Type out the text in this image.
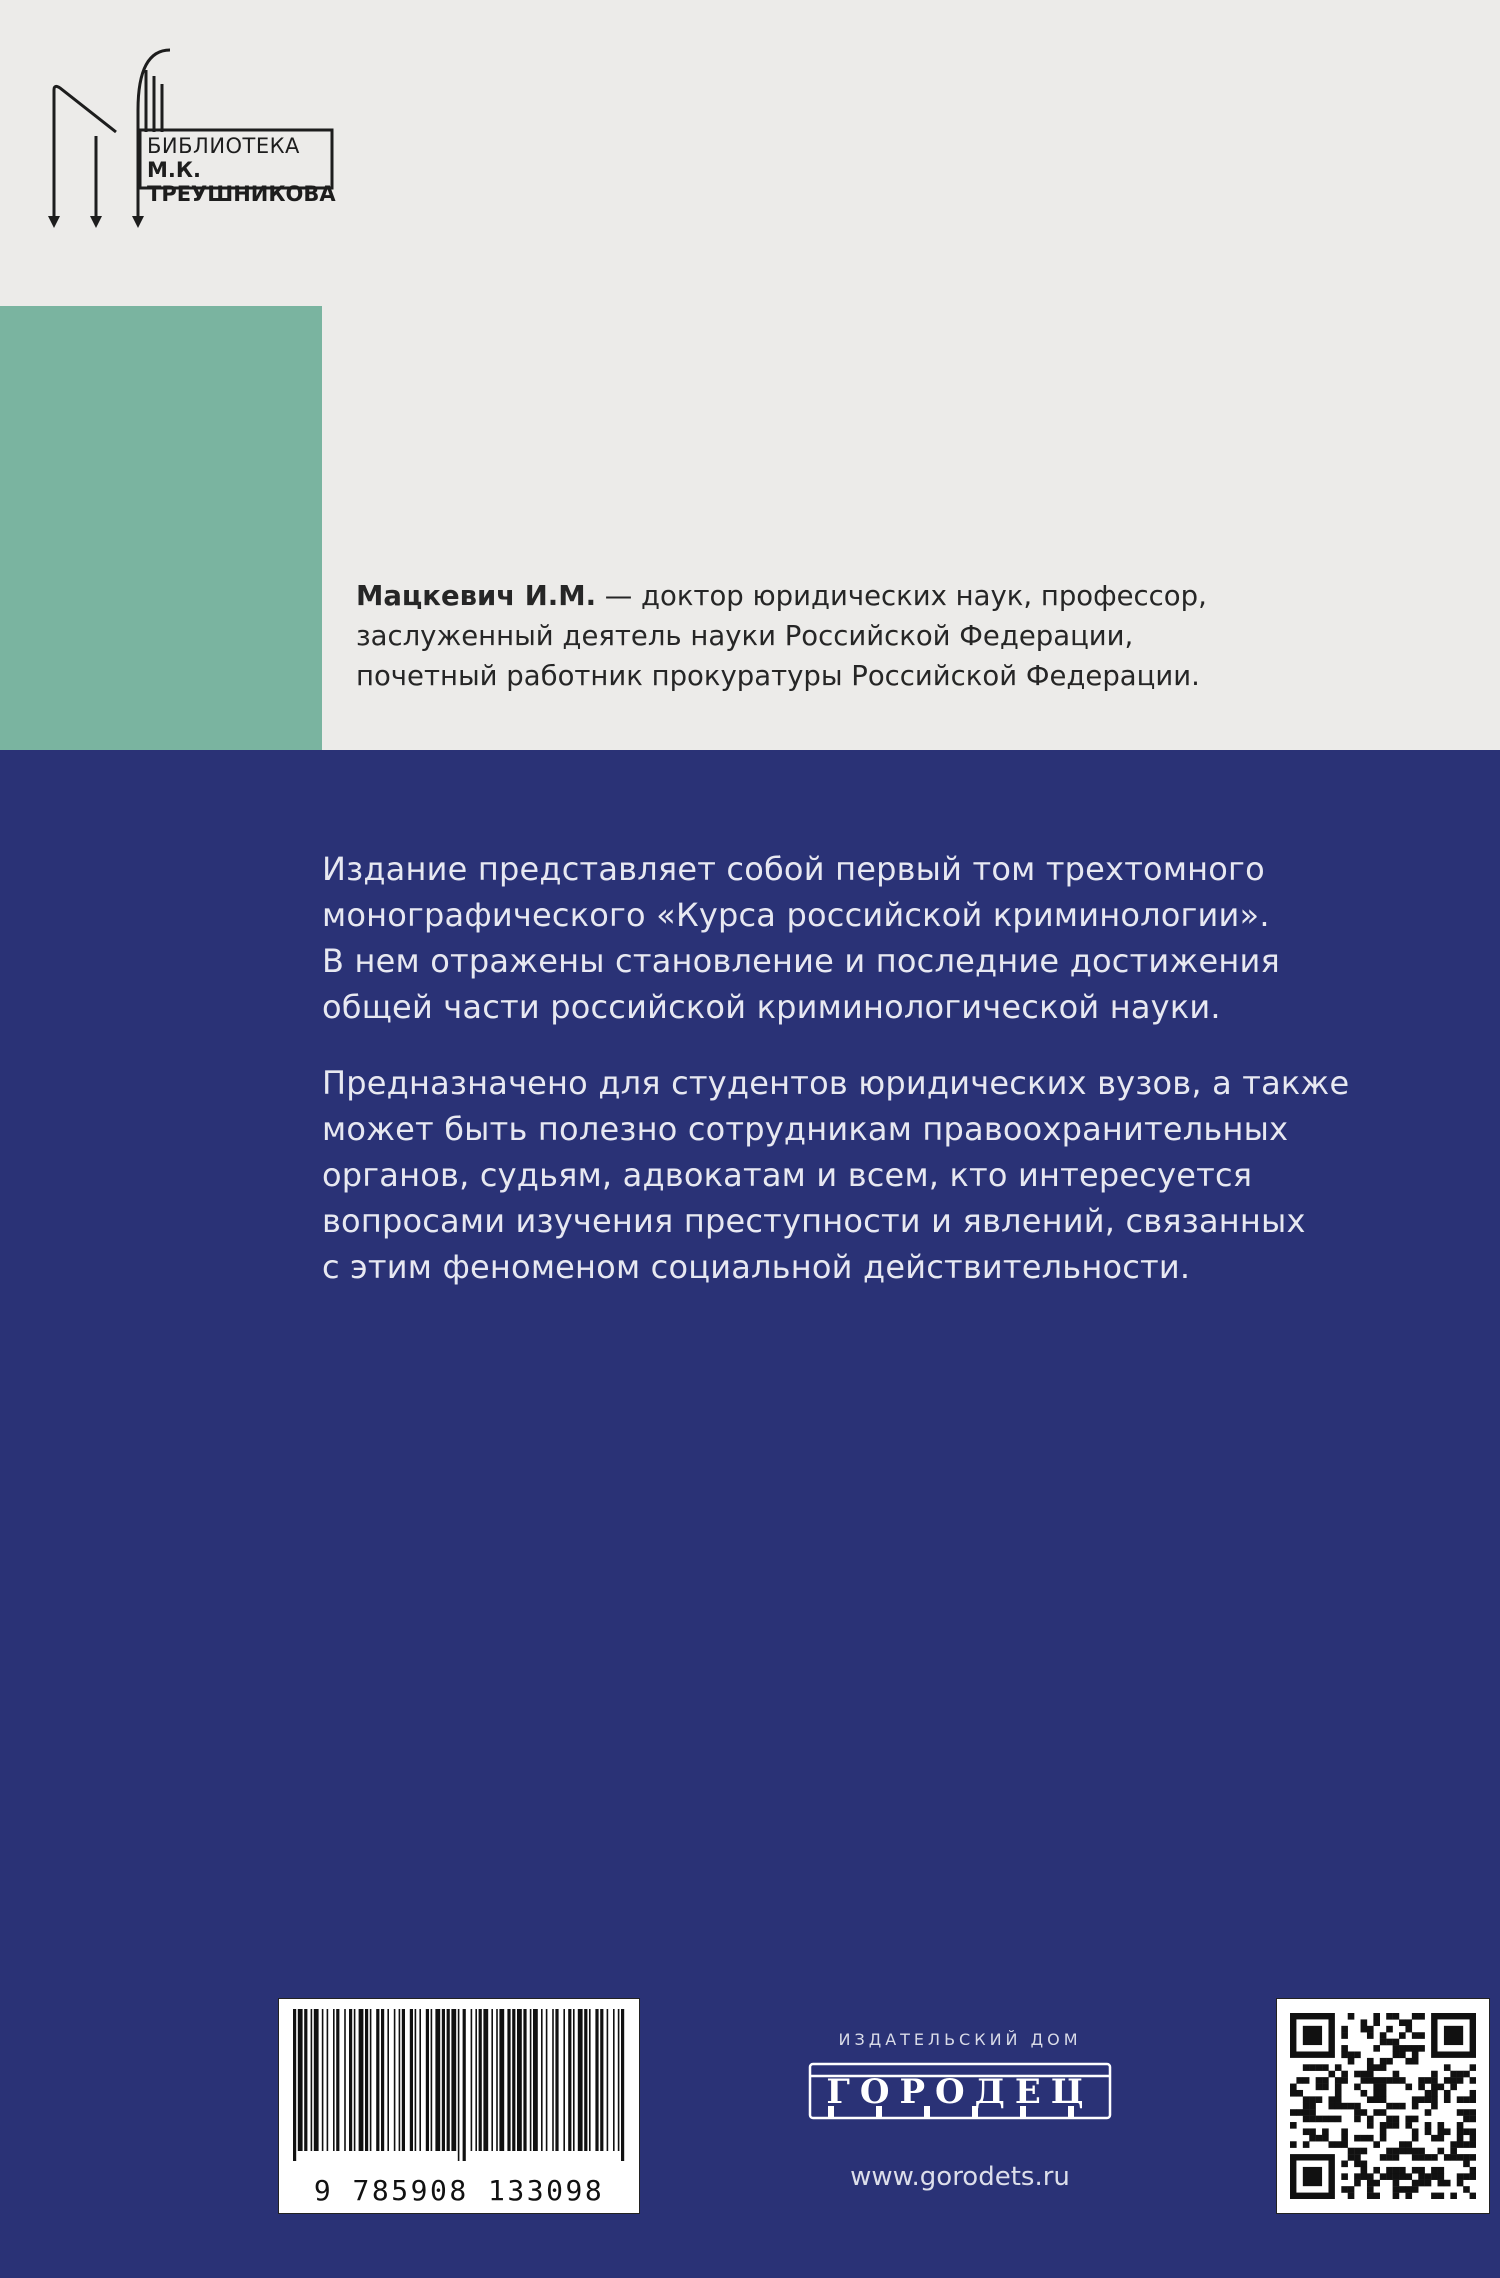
БИБЛИОТЕКА
М.К. ТРЕУШНИКОВА
Мацкевич И.М. — доктор юридических наук, профессор,
заслуженный деятель науки Российской Федерации,
почетный работник прокуратуры Российской Федерации.
Издание представляет собой первый том трехтомного
монографического «Курса российской криминологии».
В нем отражены становление и последние достижения
общей части российской криминологической науки.
Предназначено для студентов юридических вузов, а также
может быть полезно сотрудникам правоохранительных
органов, судьям, адвокатам и всем, кто интересуется
вопросами изучения преступности и явлений, связанных
с этим феноменом социальной действительности.
9 785908 133098
ИЗДАТЕЛЬСКИЙ ДОМ
ГОРОДЕЦ
www.gorodets.ru
